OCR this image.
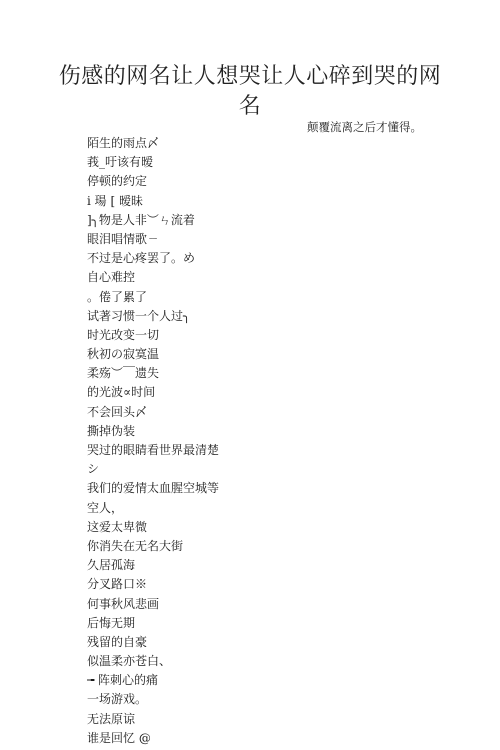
伤感的网名让人想哭让人心碎到哭的网名
颠覆流离之后才懂得。
陌生的雨点〆
莪_吁该有暧
停顿的约定
i 瑒 [ 暧昧
]╮物是人非︶ㄣ流着
眼泪唱情歌ㄧ
不过是心疼罢了。め
自心难控
。倦了累了
试著习惯一个人过╮
时光改变一切
秋初の寂寞温
柔殇︶￣遗失
的光波∝时间
不会回头〆
撕掉伪装
哭过的眼睛看世界最清楚
シ
我们的爱情太血腥空城等
空人，
这爱太卑微
你消失在无名大街
久居孤海
分叉路口※
何事秋风悲画
后悔无期
残留的自豪
似温柔亦苍白、
╼ 阵刺心的痛
一场游戏。
无法原谅
谁是回忆 @
